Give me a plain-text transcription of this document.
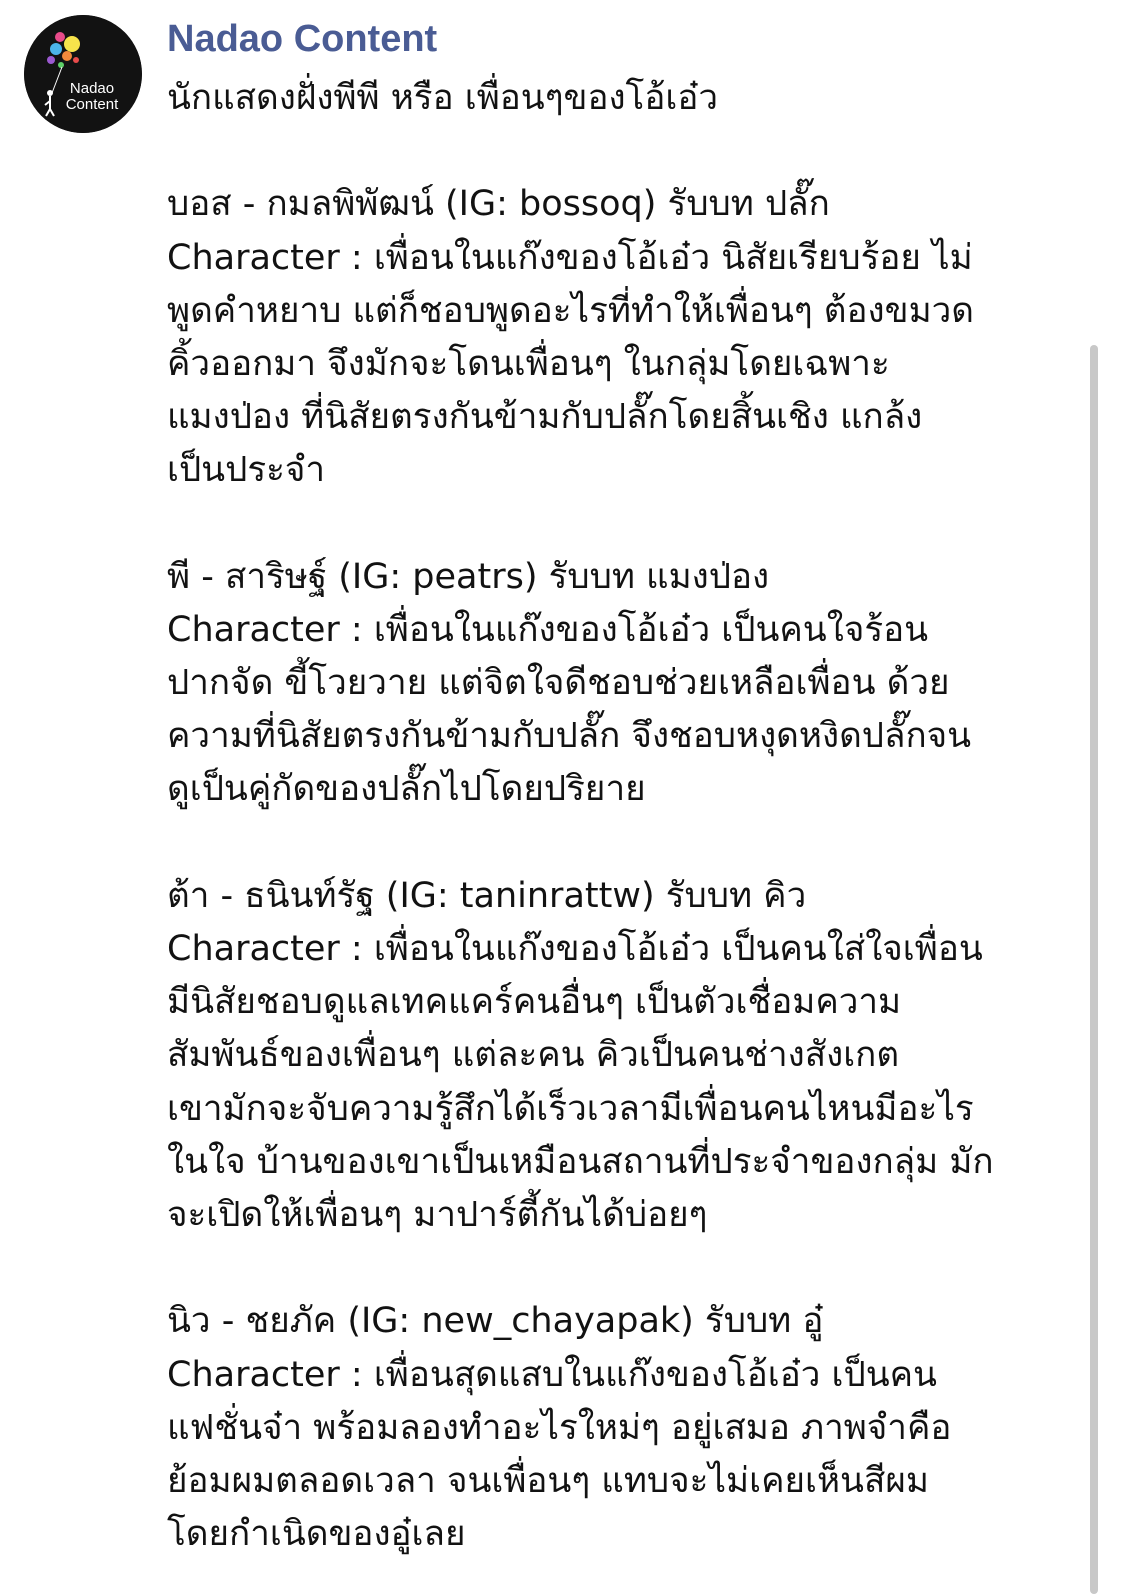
Nadao
Content
Nadao Content
นักแสดงฝั่งพีพี หรือ เพื่อนๆของโอ้เอ๋ว
บอส - กมลพิพัฒน์ (IG: bossoq) รับบท ปลั๊ก
Character : เพื่อนในแก๊งของโอ้เอ๋ว นิสัยเรียบร้อย ไม่
พูดคำหยาบ แต่ก็ชอบพูดอะไรที่ทำให้เพื่อนๆ ต้องขมวด
คิ้วออกมา จึงมักจะโดนเพื่อนๆ ในกลุ่มโดยเฉพาะ
แมงป่อง ที่นิสัยตรงกันข้ามกับปลั๊กโดยสิ้นเชิง แกล้ง
เป็นประจำ
พี - สาริษฐ์ (IG: peatrs) รับบท แมงป่อง
Character : เพื่อนในแก๊งของโอ้เอ๋ว เป็นคนใจร้อน
ปากจัด ขี้โวยวาย แต่จิตใจดีชอบช่วยเหลือเพื่อน ด้วย
ความที่นิสัยตรงกันข้ามกับปลั๊ก จึงชอบหงุดหงิดปลั๊กจน
ดูเป็นคู่กัดของปลั๊กไปโดยปริยาย
ต้า - ธนินท์รัฐ (IG: taninrattw) รับบท คิว
Character : เพื่อนในแก๊งของโอ้เอ๋ว เป็นคนใส่ใจเพื่อน
มีนิสัยชอบดูแลเทคแคร์คนอื่นๆ เป็นตัวเชื่อมความ
สัมพันธ์ของเพื่อนๆ แต่ละคน คิวเป็นคนช่างสังเกต
เขามักจะจับความรู้สึกได้เร็วเวลามีเพื่อนคนไหนมีอะไร
ในใจ บ้านของเขาเป็นเหมือนสถานที่ประจำของกลุ่ม มัก
จะเปิดให้เพื่อนๆ มาปาร์ตี้กันได้บ่อยๆ
นิว - ชยภัค (IG: new_chayapak) รับบท อู๋
Character : เพื่อนสุดแสบในแก๊งของโอ้เอ๋ว เป็นคน
แฟชั่นจ๋า พร้อมลองทำอะไรใหม่ๆ อยู่เสมอ ภาพจำคือ
ย้อมผมตลอดเวลา จนเพื่อนๆ แทบจะไม่เคยเห็นสีผม
โดยกำเนิดของอู๋เลย
